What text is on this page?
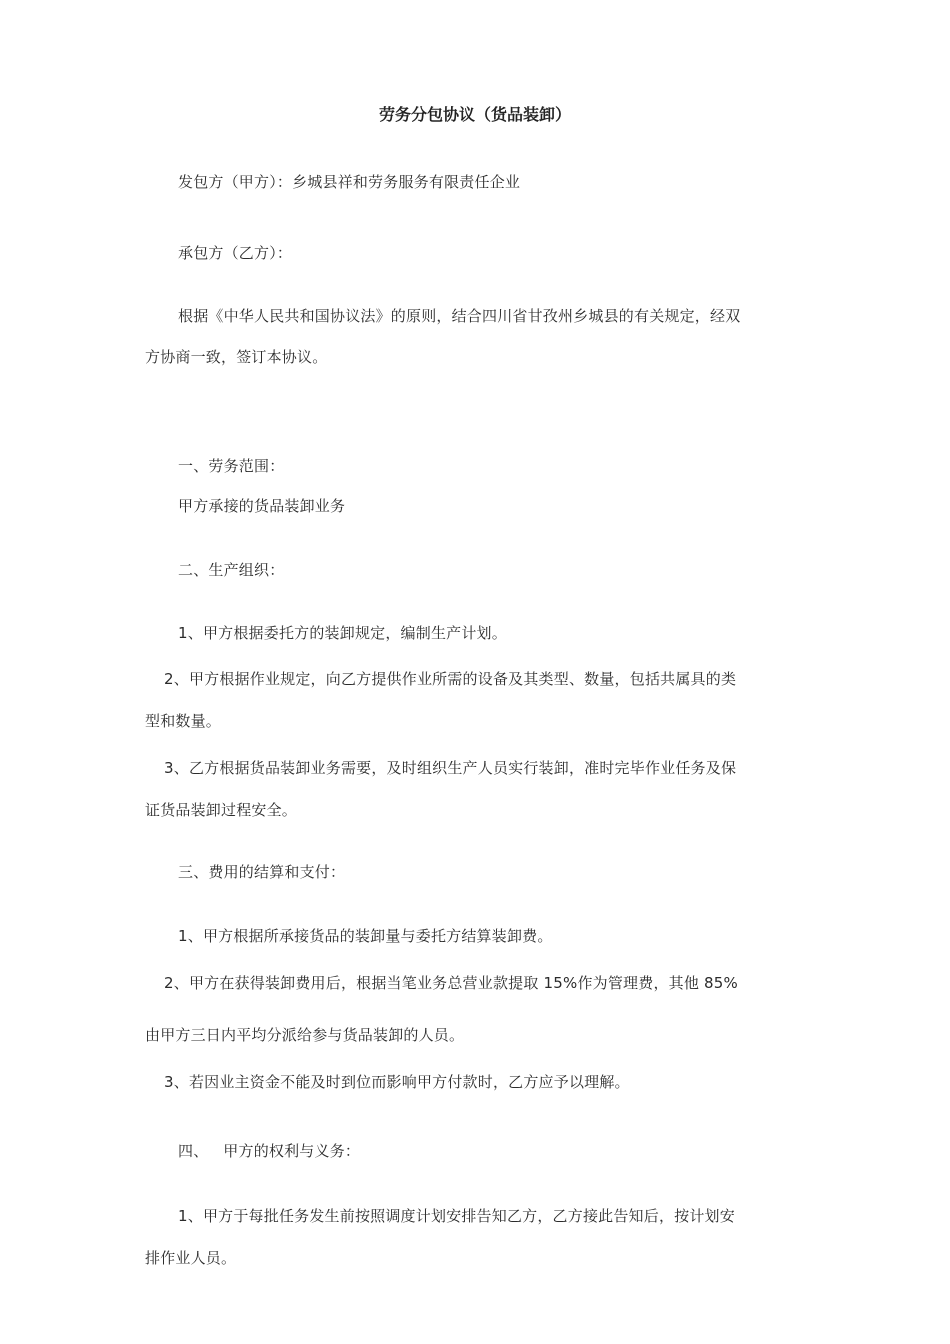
劳务分包协议（货品装卸）
发包方（甲方）：乡城县祥和劳务服务有限责任企业
承包方（乙方）：
根据《中华人民共和国协议法》的原则，结合四川省甘孜州乡城县的有关规定，经双
方协商一致，签订本协议。
一、劳务范围：
甲方承接的货品装卸业务
二、生产组织：
1、甲方根据委托方的装卸规定，编制生产计划。
2、甲方根据作业规定，向乙方提供作业所需的设备及其类型、数量，包括共属具的类
型和数量。
3、乙方根据货品装卸业务需要，及时组织生产人员实行装卸，准时完毕作业任务及保
证货品装卸过程安全。
三、费用的结算和支付：
1、甲方根据所承接货品的装卸量与委托方结算装卸费。
2、甲方在获得装卸费用后，根据当笔业务总营业款提取 15%作为管理费，其他 85%
由甲方三日内平均分派给参与货品装卸的人员。
3、若因业主资金不能及时到位而影响甲方付款时，乙方应予以理解。
四、   甲方的权利与义务：
1、甲方于每批任务发生前按照调度计划安排告知乙方，乙方接此告知后，按计划安
排作业人员。
